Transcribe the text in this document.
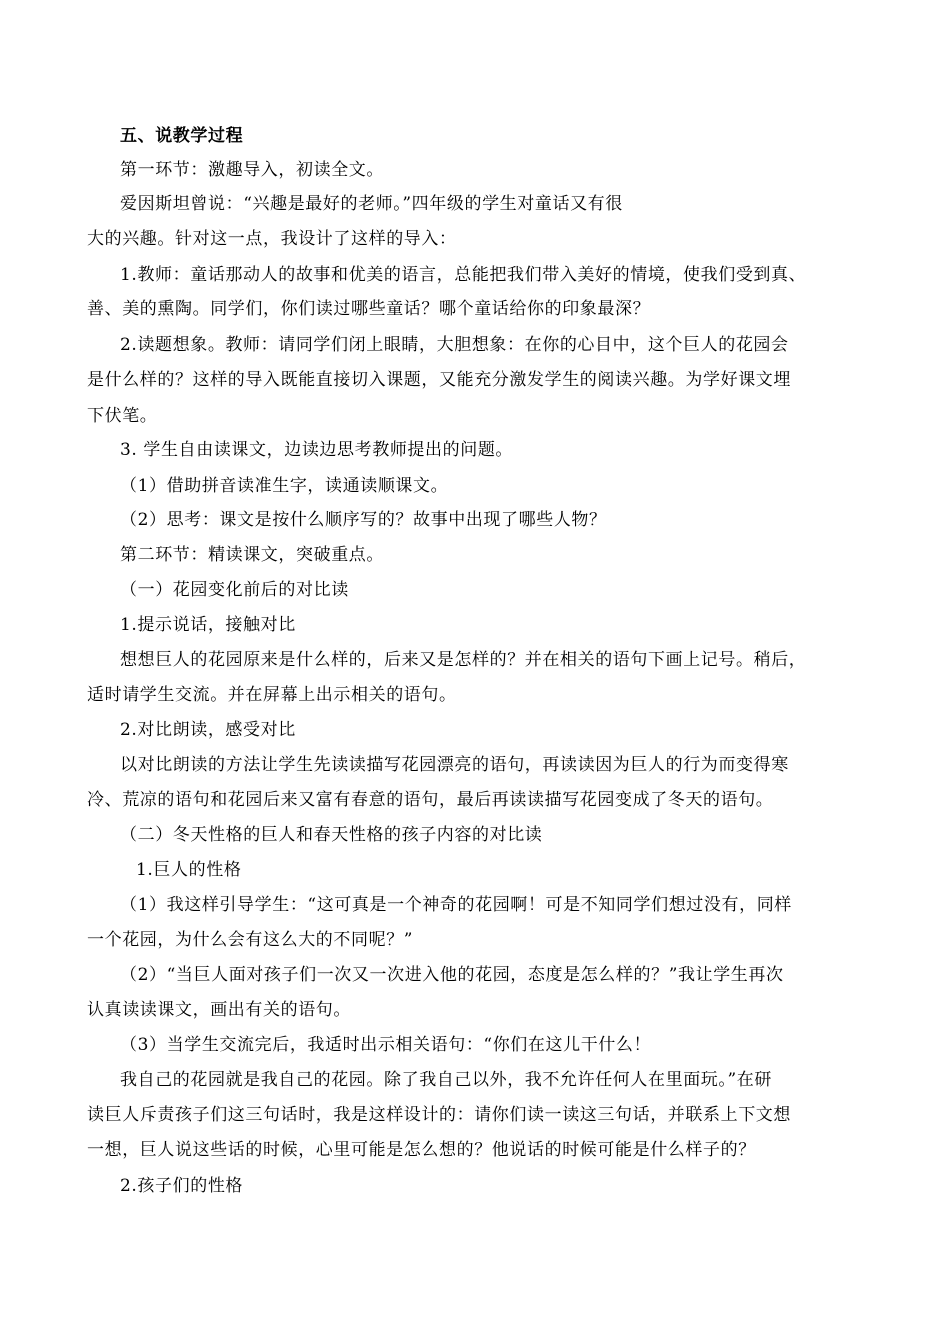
五、说教学过程
第一环节：激趣导入，初读全文。
爱因斯坦曾说：“兴趣是最好的老师。”四年级的学生对童话又有很
大的兴趣。针对这一点，我设计了这样的导入：
1.教师：童话那动人的故事和优美的语言，总能把我们带入美好的情境，使我们受到真、
善、美的熏陶。同学们，你们读过哪些童话？哪个童话给你的印象最深？
2.读题想象。教师：请同学们闭上眼睛，大胆想象：在你的心目中，这个巨人的花园会
是什么样的？这样的导入既能直接切入课题，又能充分激发学生的阅读兴趣。为学好课文埋
下伏笔。
3. 学生自由读课文，边读边思考教师提出的问题。
（1）借助拼音读准生字，读通读顺课文。
（2）思考：课文是按什么顺序写的？故事中出现了哪些人物？
第二环节：精读课文，突破重点。
（一）花园变化前后的对比读
1.提示说话，接触对比
想想巨人的花园原来是什么样的，后来又是怎样的？并在相关的语句下画上记号。稍后，
适时请学生交流。并在屏幕上出示相关的语句。
2.对比朗读，感受对比
以对比朗读的方法让学生先读读描写花园漂亮的语句，再读读因为巨人的行为而变得寒
冷、荒凉的语句和花园后来又富有春意的语句，最后再读读描写花园变成了冬天的语句。
（二）冬天性格的巨人和春天性格的孩子内容的对比读
1.巨人的性格
（1）我这样引导学生：“这可真是一个神奇的花园啊！可是不知同学们想过没有，同样
一个花园，为什么会有这么大的不同呢？”
（2）“当巨人面对孩子们一次又一次进入他的花园，态度是怎么样的？”我让学生再次
认真读读课文，画出有关的语句。
（3）当学生交流完后，我适时出示相关语句：“你们在这儿干什么！
我自己的花园就是我自己的花园。除了我自己以外，我不允许任何人在里面玩。”在研
读巨人斥责孩子们这三句话时，我是这样设计的：请你们读一读这三句话，并联系上下文想
一想，巨人说这些话的时候，心里可能是怎么想的？他说话的时候可能是什么样子的？
2.孩子们的性格
